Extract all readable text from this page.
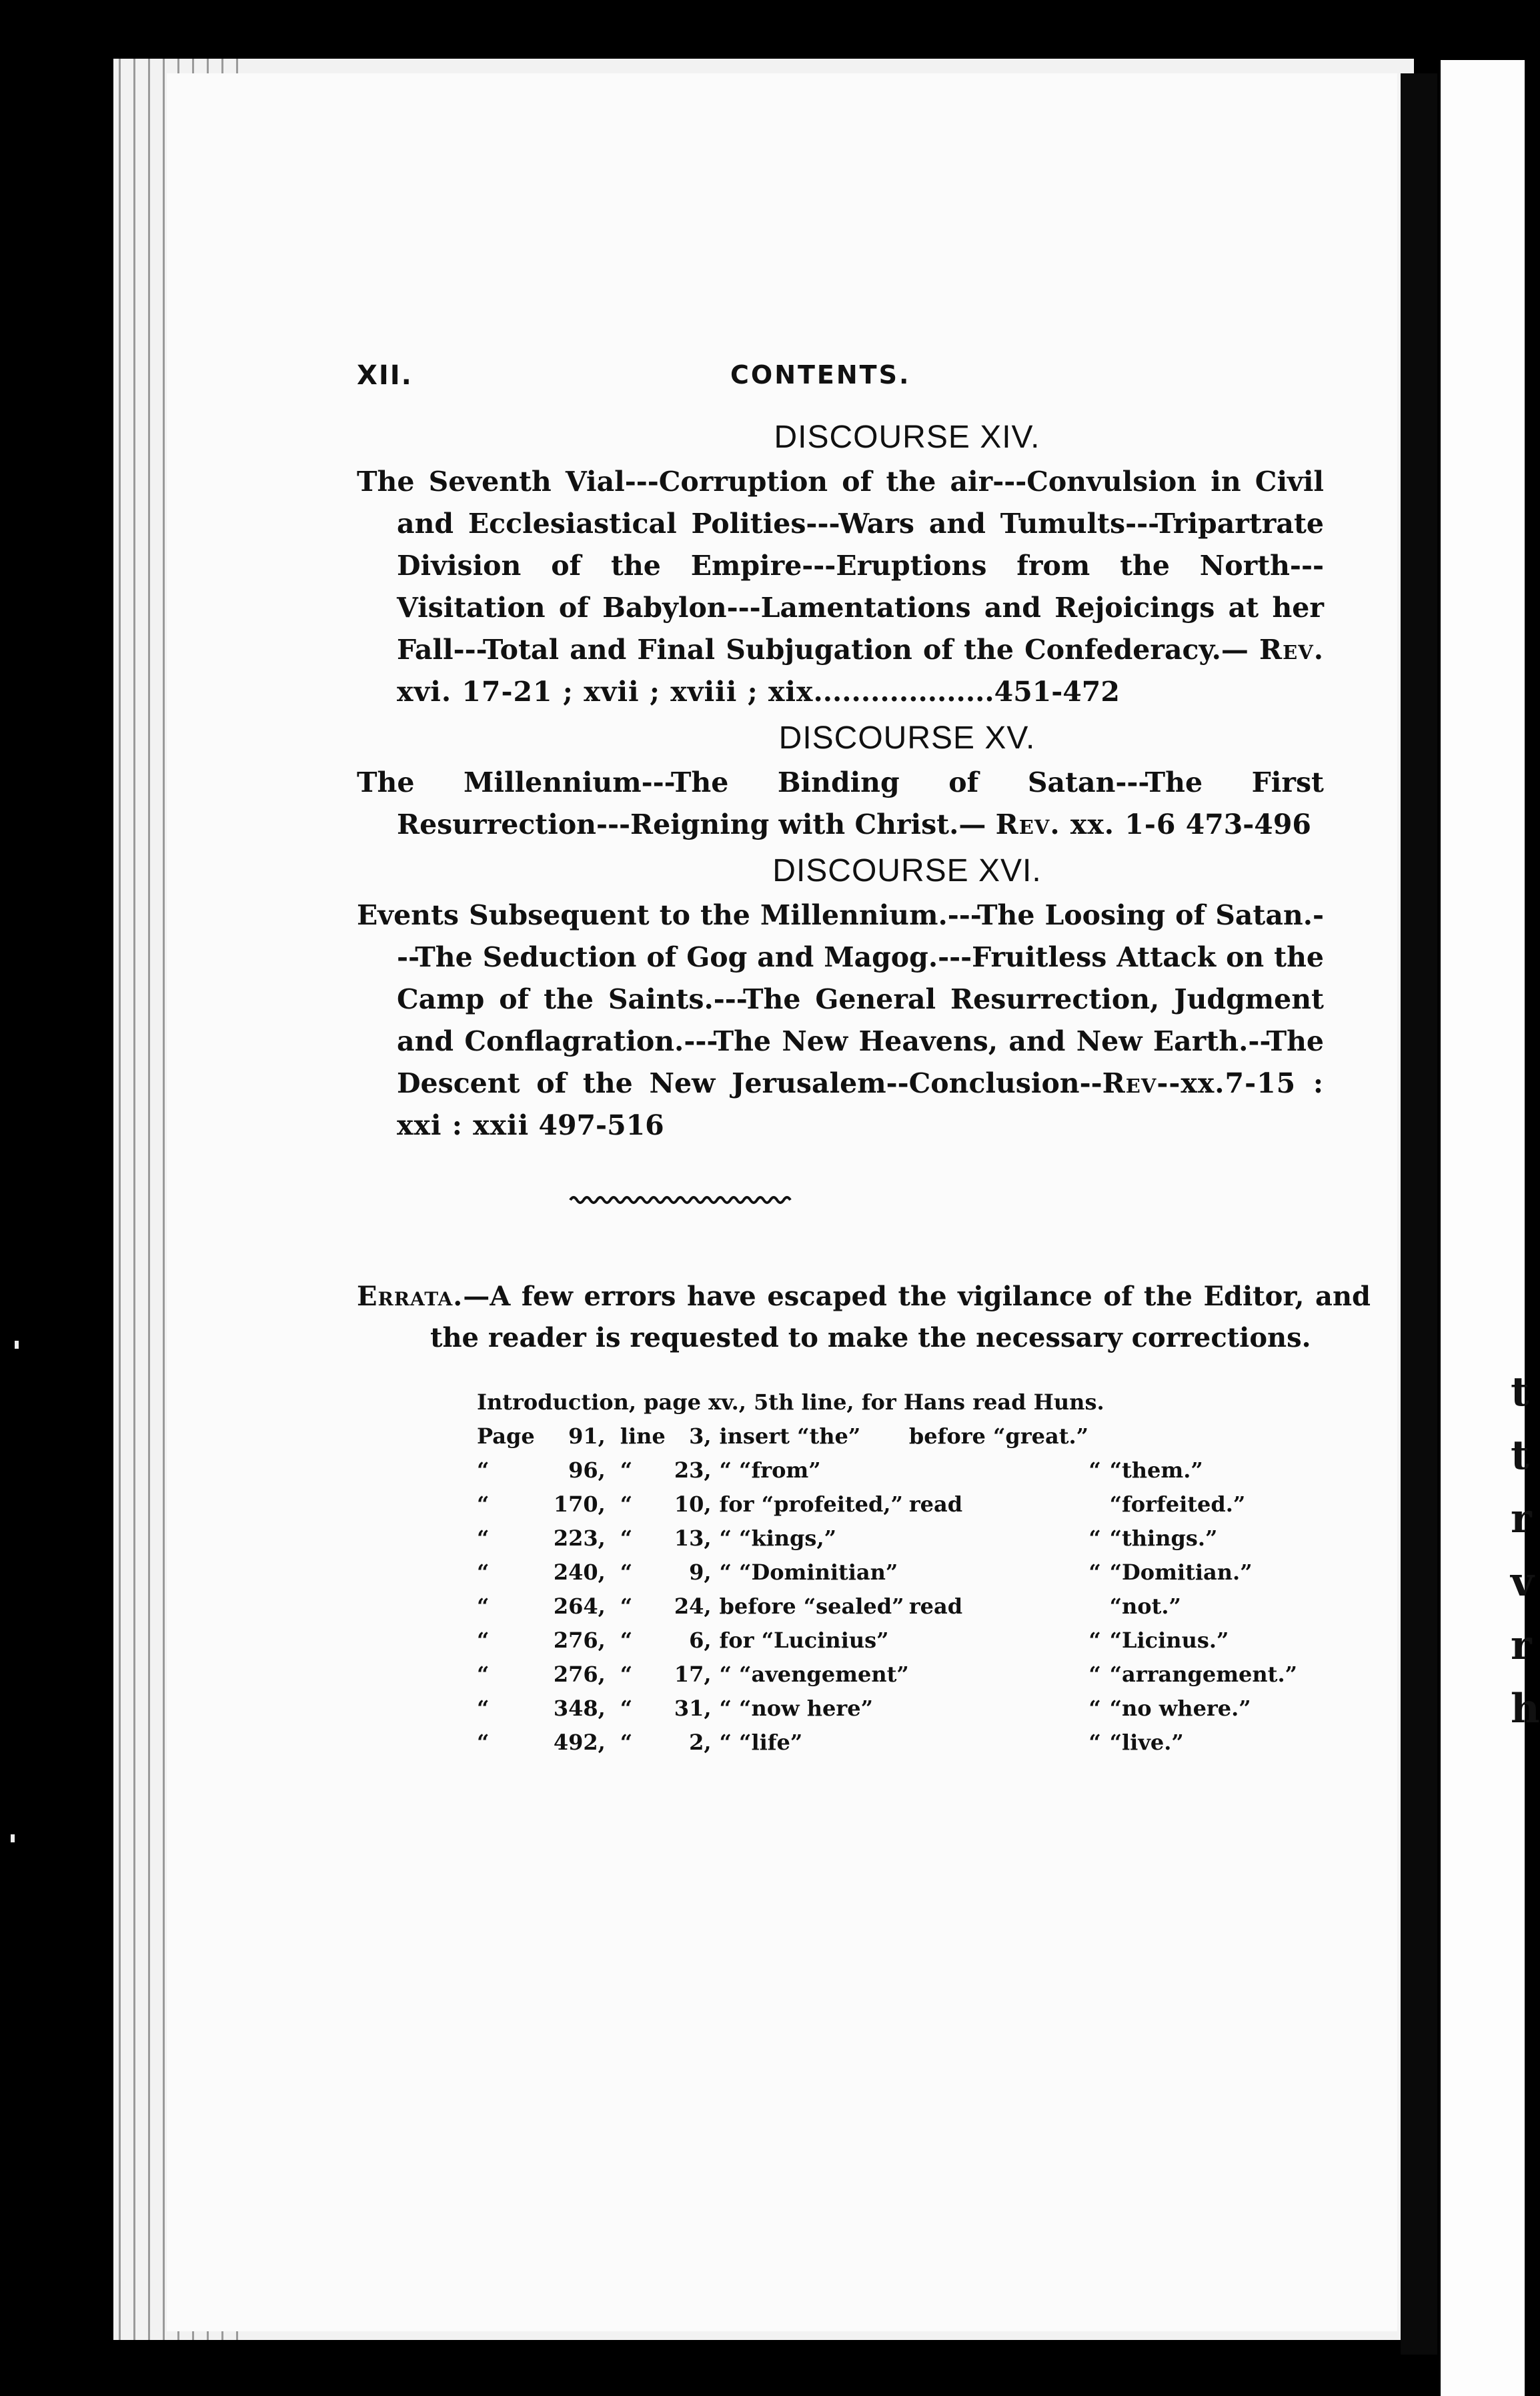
t
t
r
v
r
h
XII.	CONTENTS.
DISCOURSE XIV.

The Seventh Vial---Corruption of the air---Convulsion in Civil and Ecclesiastical Polities---Wars and Tumults---Tripartrate Division of the Empire---Eruptions from the North---Visitation of Babylon---Lamentations and Rejoicings at her Fall---Total and Final Subjugation of the Confederacy.— Rev. xvi. 17-21 ; xvii ; xviii ; xix...................451-472

DISCOURSE XV.

The Millennium---The Binding of Satan---The First Resurrection---Reigning with Christ.— Rev. xx. 1-6 473-496

DISCOURSE XVI.

Events Subsequent to the Millennium.---The Loosing of Satan.---The Seduction of Gog and Magog.---Fruitless Attack on the Camp of the Saints.---The General Resurrection, Judgment and Conflagration.---The New Heavens, and New Earth.--The Descent of the New Jerusalem--Conclusion--Rev--xx.7-15 : xxi : xxii 497-516

Errata.—A few errors have escaped the vigilance of the Editor, and the reader is requested to make the necessary corrections.

Introduction, page xv., 5th line, for Hans read Huns.
Page	91,	line	3,	insert “the”	before “great.”		
“	96,	“	23,	“ “from”		“	“them.”
“	170,	“	10,	for “profeited,”	read		“forfeited.”
“	223,	“	13,	“ “kings,”		“	“things.”
“	240,	“	9,	“ “Dominitian”		“	“Domitian.”
“	264,	“	24,	before “sealed”	read		“not.”
“	276,	“	6,	for “Lucinius”		“	“Licinus.”
“	276,	“	17,	“ “avengement”		“	“arrangement.”
“	348,	“	31,	“ “now here”		“	“no where.”
“	492,	“	2,	“ “life”		“	“live.”
